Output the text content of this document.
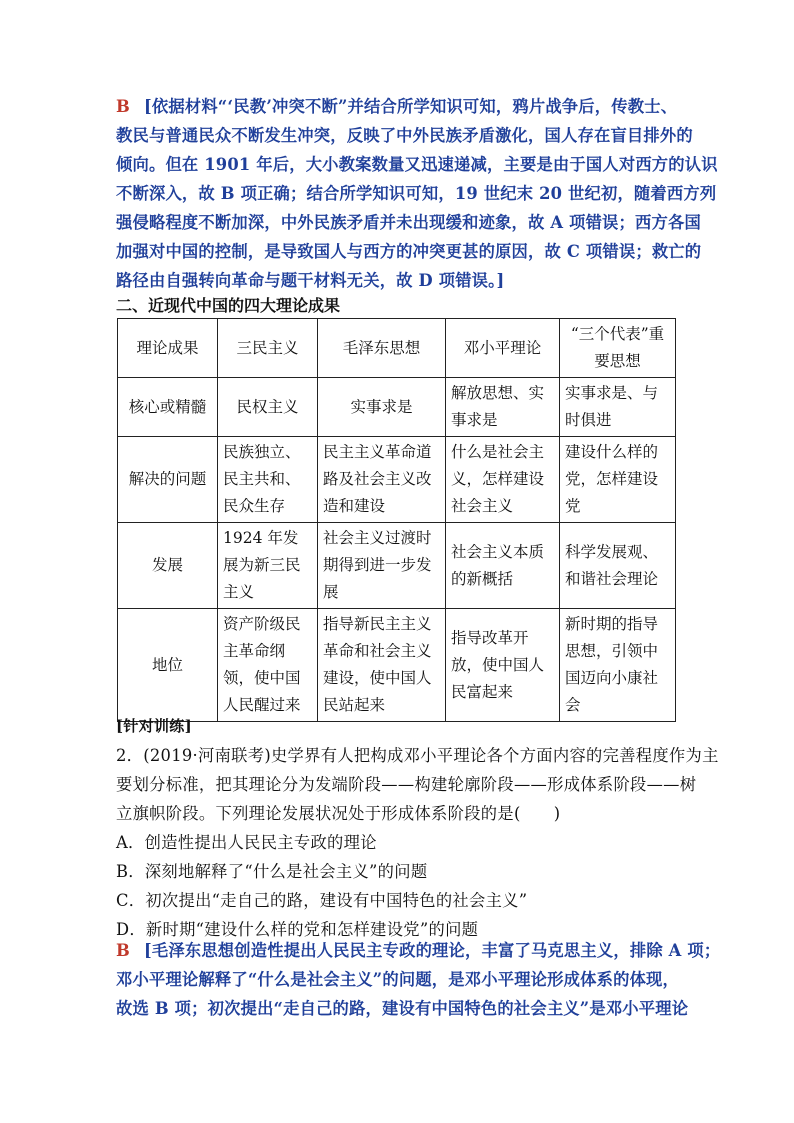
B [依据材料“‘民教’冲突不断”并结合所学知识可知，鸦片战争后，传教士、
教民与普通民众不断发生冲突，反映了中外民族矛盾激化，国人存在盲目排外的
倾向。但在 1901 年后，大小教案数量又迅速递减，主要是由于国人对西方的认识
不断深入，故 B 项正确；结合所学知识可知，19 世纪末 20 世纪初，随着西方列
强侵略程度不断加深，中外民族矛盾并未出现缓和迹象，故 A 项错误；西方各国
加强对中国的控制，是导致国人与西方的冲突更甚的原因，故 C 项错误；救亡的
路径由自强转向革命与题干材料无关，故 D 项错误。]
二、近现代中国的四大理论成果
理论成果	三民主义	毛泽东思想	邓小平理论	“三个代表”重要思想
核心或精髓	民权主义	实事求是	解放思想、实事求是	实事求是、与时俱进
解决的问题	民族独立、民主共和、民众生存	民主主义革命道路及社会主义改造和建设	什么是社会主义，怎样建设社会主义	建设什么样的党，怎样建设党
发展	1924 年发展为新三民主义	社会主义过渡时期得到进一步发展	社会主义本质的新概括	科学发展观、和谐社会理论
地位	资产阶级民主革命纲领，使中国人民醒过来	指导新民主主义革命和社会主义建设，使中国人民站起来	指导改革开放，使中国人民富起来	新时期的指导思想，引领中国迈向小康社会
[针对训练]
2．(2019·河南联考)史学界有人把构成邓小平理论各个方面内容的完善程度作为主
要划分标准，把其理论分为发端阶段——构建轮廓阶段——形成体系阶段——树
立旗帜阶段。下列理论发展状况处于形成体系阶段的是(　　)
A．创造性提出人民民主专政的理论
B．深刻地解释了“什么是社会主义”的问题
C．初次提出“走自己的路，建设有中国特色的社会主义”
D．新时期“建设什么样的党和怎样建设党”的问题
B [毛泽东思想创造性提出人民民主专政的理论，丰富了马克思主义，排除 A 项；
邓小平理论解释了“什么是社会主义”的问题，是邓小平理论形成体系的体现，
故选 B 项；初次提出“走自己的路，建设有中国特色的社会主义”是邓小平理论
